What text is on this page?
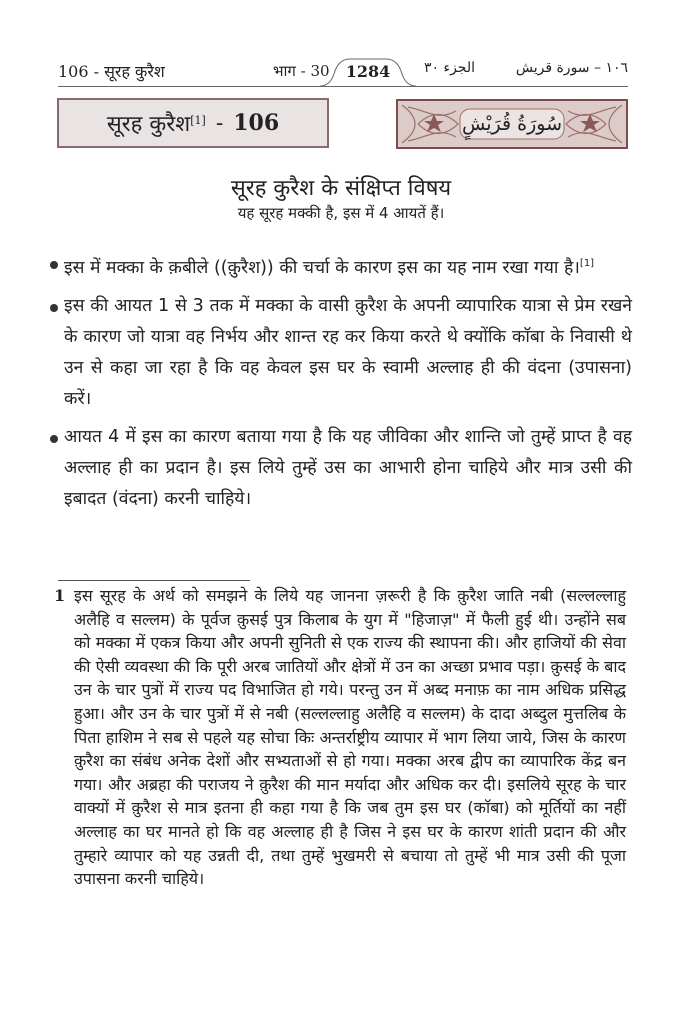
106 - सूरह कुरैश	भाग - 30	1284	الجزء ٣٠	١٠٦ – سورة قريش
सूरह कुरैश[1] - 106	سُورَةُ قُرَيْشٍ
सूरह कुरैश के संक्षिप्त विषय
यह सूरह मक्की है, इस में 4 आयतें हैं।
इस में मक्का के क़बीले ((क़ुरैश)) की चर्चा के कारण इस का यह नाम रखा गया है।[1]
इस की आयत 1 से 3 तक में मक्का के वासी क़ुरैश के अपनी व्यापारिक यात्रा से प्रेम रखने के कारण जो यात्रा वह निर्भय और शान्त रह कर किया करते थे क्योंकि काॅबा के निवासी थे उन से कहा जा रहा है कि वह केवल इस घर के स्वामी अल्लाह ही की वंदना (उपासना) करें।
आयत 4 में इस का कारण बताया गया है कि यह जीविका और शान्ति जो तुम्हें प्राप्त है वह अल्लाह ही का प्रदान है। इस लिये तुम्हें उस का आभारी होना चाहिये और मात्र उसी की इबादत (वंदना) करनी चाहिये।
1 इस सूरह के अर्थ को समझने के लिये यह जानना ज़रूरी है कि क़ुरैश जाति नबी (सल्लल्लाहु अलैहि व सल्लम) के पूर्वज क़ुसई पुत्र किलाब के युग में "हिजाज़" में फैली हुई थी। उन्होंने सब को मक्का में एकत्र किया और अपनी सुनिती से एक राज्य की स्थापना की। और हाजियों की सेवा की ऐसी व्यवस्था की कि पूरी अरब जातियों और क्षेत्रों में उन का अच्छा प्रभाव पड़ा। क़ुसई के बाद उन के चार पुत्रों में राज्य पद विभाजित हो गये। परन्तु उन में अब्द मनाफ़ का नाम अधिक प्रसिद्ध हुआ। और उन के चार पुत्रों में से नबी (सल्लल्लाहु अलैहि व सल्लम) के दादा अब्दुल मुत्तलिब के पिता हाशिम ने सब से पहले यह सोचा किः अन्तर्राष्ट्रीय व्यापार में भाग लिया जाये, जिस के कारण क़ुरैश का संबंध अनेक देशों और सभ्यताओं से हो गया। मक्का अरब द्वीप का व्यापारिक केंद्र बन गया। और अब्रहा की पराजय ने क़ुरैश की मान मर्यादा और अधिक कर दी। इसलिये सूरह के चार वाक्यों में क़ुरैश से मात्र इतना ही कहा गया है कि जब तुम इस घर (काॅबा) को मूर्तियों का नहीं अल्लाह का घर मानते हो कि वह अल्लाह ही है जिस ने इस घर के कारण शांती प्रदान की और तुम्हारे व्यापार को यह उन्नती दी, तथा तुम्हें भुखमरी से बचाया तो तुम्हें भी मात्र उसी की पूजा उपासना करनी चाहिये।
